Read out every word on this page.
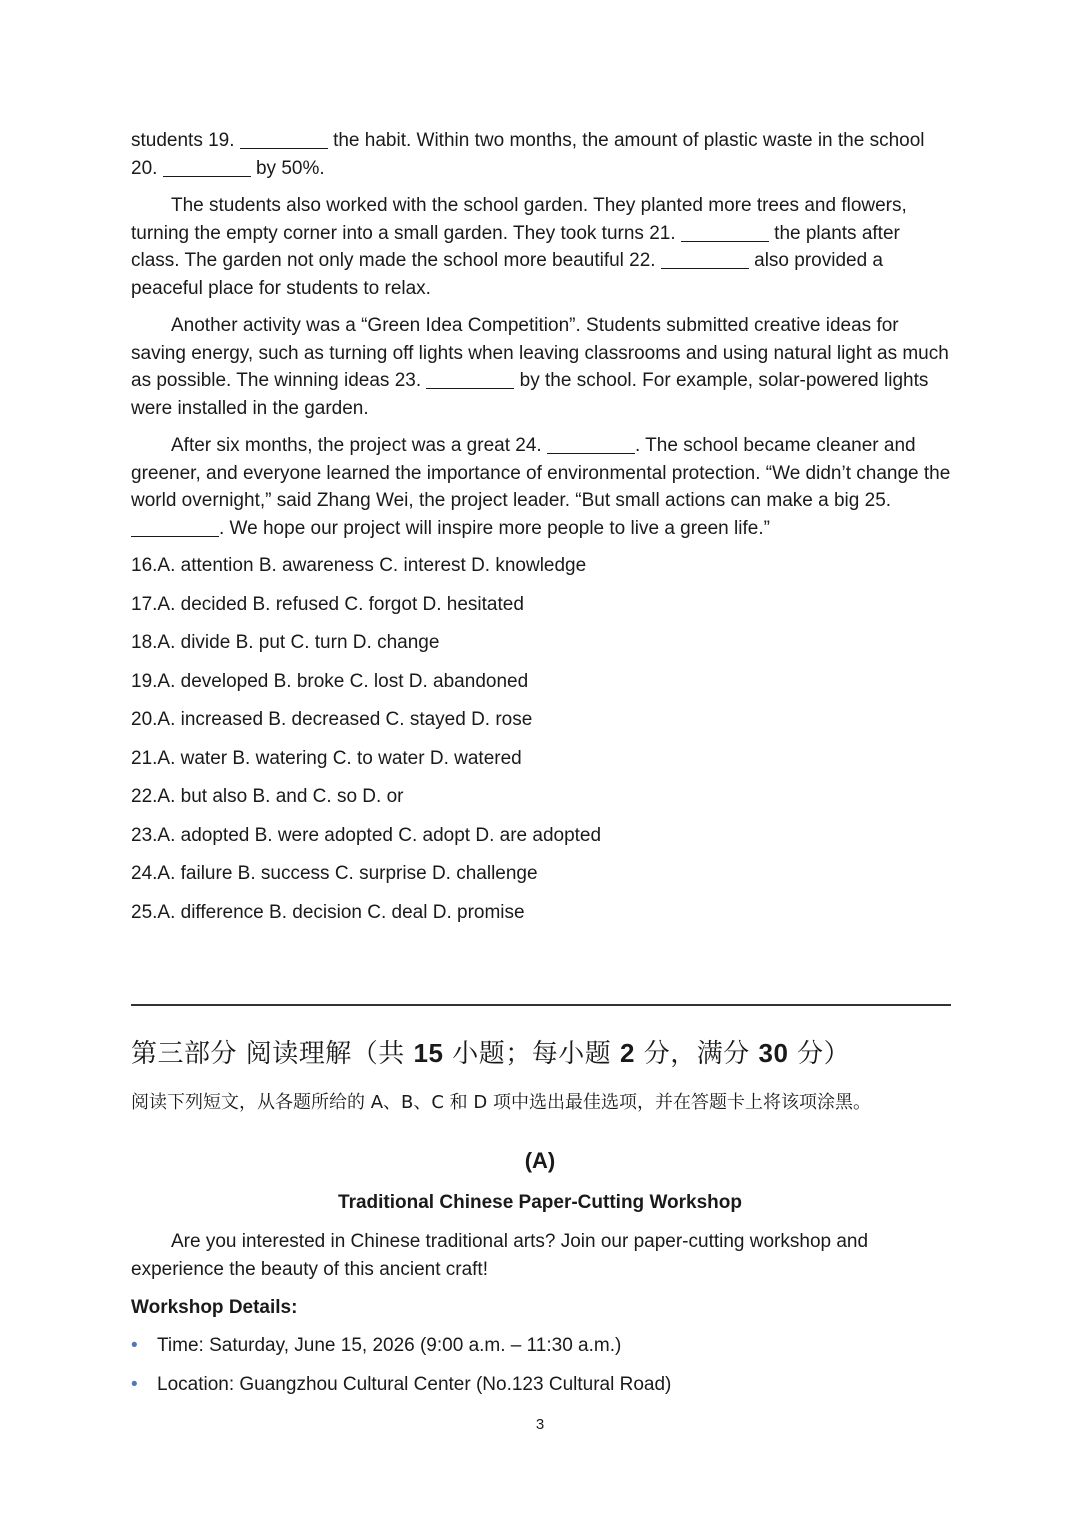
students 19.	the habit. Within two months, the amount of plastic waste in the school 20.	by 50%.

The students also worked with the school garden. They planted more trees and flowers, turning the empty corner into a small garden. They took turns 21.	the plants after class. The garden not only made the school more beautiful 22.	also provided a peaceful place for students to relax.

Another activity was a “Green Idea Competition”. Students submitted creative ideas for saving energy, such as turning off lights when leaving classrooms and using natural light as much as possible. The winning ideas 23.	by the school. For example, solar-powered lights were installed in the garden.

After six months, the project was a great 24.	. The school became cleaner and greener, and everyone learned the importance of environmental protection. “We didn’t change the world overnight,” said Zhang Wei, the project leader. “But small actions can make a big 25. . We hope our project will inspire more people to live a green life.”

16.A. attention B. awareness C. interest D. knowledge

17.A. decided B. refused C. forgot D. hesitated

18.A. divide B. put C. turn D. change

19.A. developed B. broke C. lost D. abandoned

20.A. increased B. decreased C. stayed D. rose

21.A. water B. watering C. to water D. watered

22.A. but also B. and C. so D. or

23.A. adopted B. were adopted C. adopt D. are adopted

24.A. failure B. success C. surprise D. challenge

25.A. difference B. decision C. deal D. promise

第三部分 阅读理解（共 15 小题；每小题 2 分，满分 30 分）

阅读下列短文，从各题所给的 A、B、C 和 D 项中选出最佳选项，并在答题卡上将该项涂黑。

(A)

Traditional Chinese Paper-Cutting Workshop

Are you interested in Chinese traditional arts? Join our paper-cutting workshop and experience the beauty of this ancient craft!

Workshop Details:

• Time: Saturday, June 15, 2026 (9:00 a.m. – 11:30 a.m.)
• Location: Guangzhou Cultural Center (No.123 Cultural Road)

3
